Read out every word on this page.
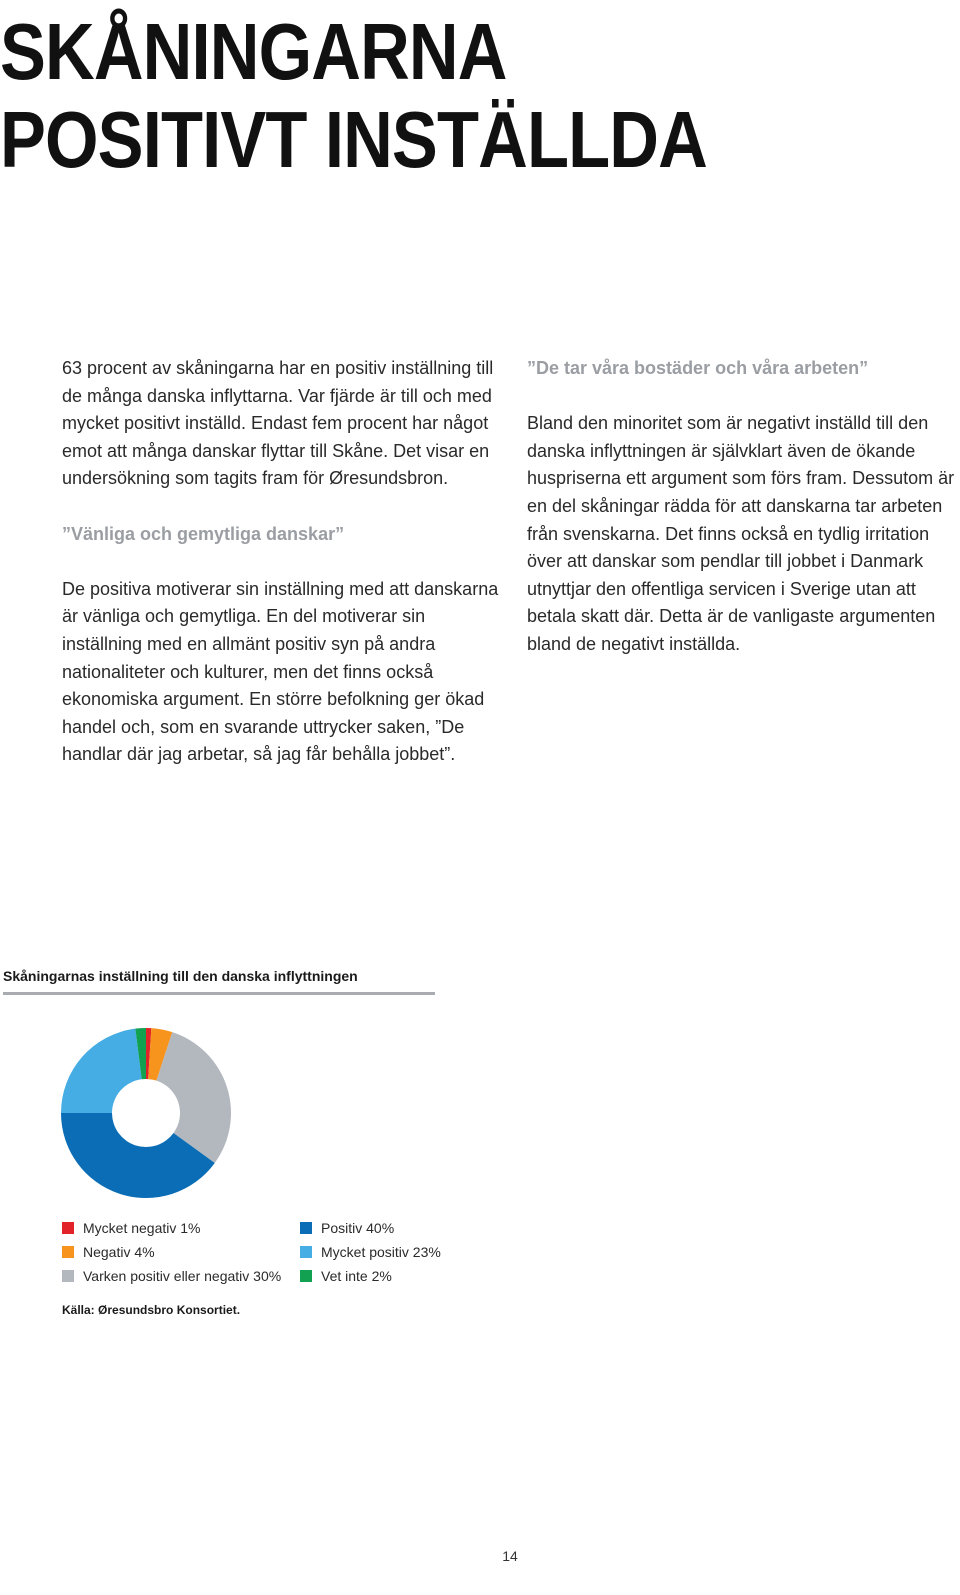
SKÅNINGARNA
POSITIVT INSTÄLLDA

63 procent av skåningarna har en positiv inställning till de många danska inflyttarna. Var fjärde är till och med mycket positivt inställd. Endast fem procent har något emot att många danskar flyttar till Skåne. Det visar en undersökning som tagits fram för Øresundsbron.

”Vänliga och gemytliga danskar”

De positiva motiverar sin inställning med att danskarna är vänliga och gemytliga. En del motiverar sin inställning med en allmänt positiv syn på andra nationaliteter och kulturer, men det finns också ekonomiska argument. En större befolkning ger ökad handel och, som en svarande uttrycker saken, ”De handlar där jag arbetar, så jag får behålla jobbet”.

”De tar våra bostäder och våra arbeten”

Bland den minoritet som är negativt inställd till den danska inflyttningen är självklart även de ökande huspriserna ett argument som förs fram. Dessutom är en del skåningar rädda för att danskarna tar arbeten från svenskarna. Det finns också en tydlig irritation över att danskar som pendlar till jobbet i Danmark utnyttjar den offentliga servicen i Sverige utan att betala skatt där. Detta är de vanligaste argumenten bland de negativt inställda.

Skåningarnas inställning till den danska inflyttningen
Mycket negativ 1%
Negativ 4%
Varken positiv eller negativ 30%
Positiv 40%
Mycket positiv 23%
Vet inte 2%
Källa: Øresundsbro Konsortiet.
14
